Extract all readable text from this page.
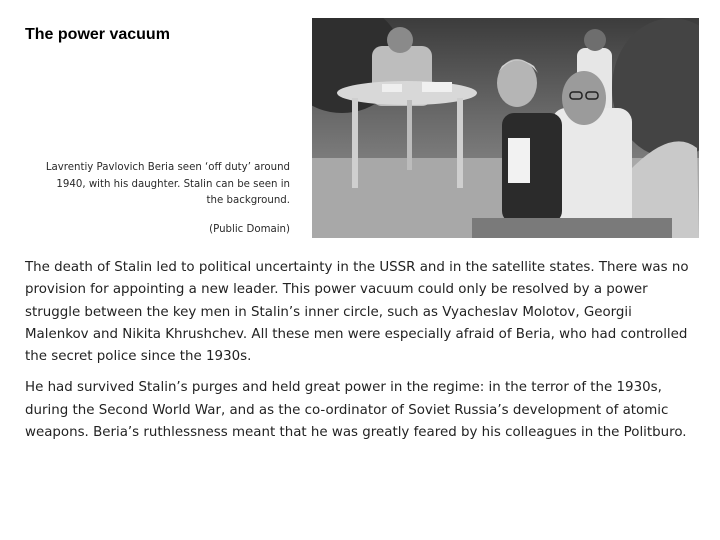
The power vacuum

Lavrentiy Pavlovich Beria seen ‘off duty’ around 1940, with his daughter. Stalin can be seen in the background.

(Public Domain)

The death of Stalin led to political uncertainty in the USSR and in the satellite states. There was no provision for appointing a new leader. This power vacuum could only be resolved by a power struggle between the key men in Stalin’s inner circle, such as Vyacheslav Molotov, Georgii Malenkov and Nikita Khrushchev. All these men were especially afraid of Beria, who had controlled the secret police since the 1930s.

He had survived Stalin’s purges and held great power in the regime: in the terror of the 1930s, during the Second World War, and as the co-ordinator of Soviet Russia’s development of atomic weapons. Beria’s ruthlessness meant that he was greatly feared by his colleagues in the Politburo.
